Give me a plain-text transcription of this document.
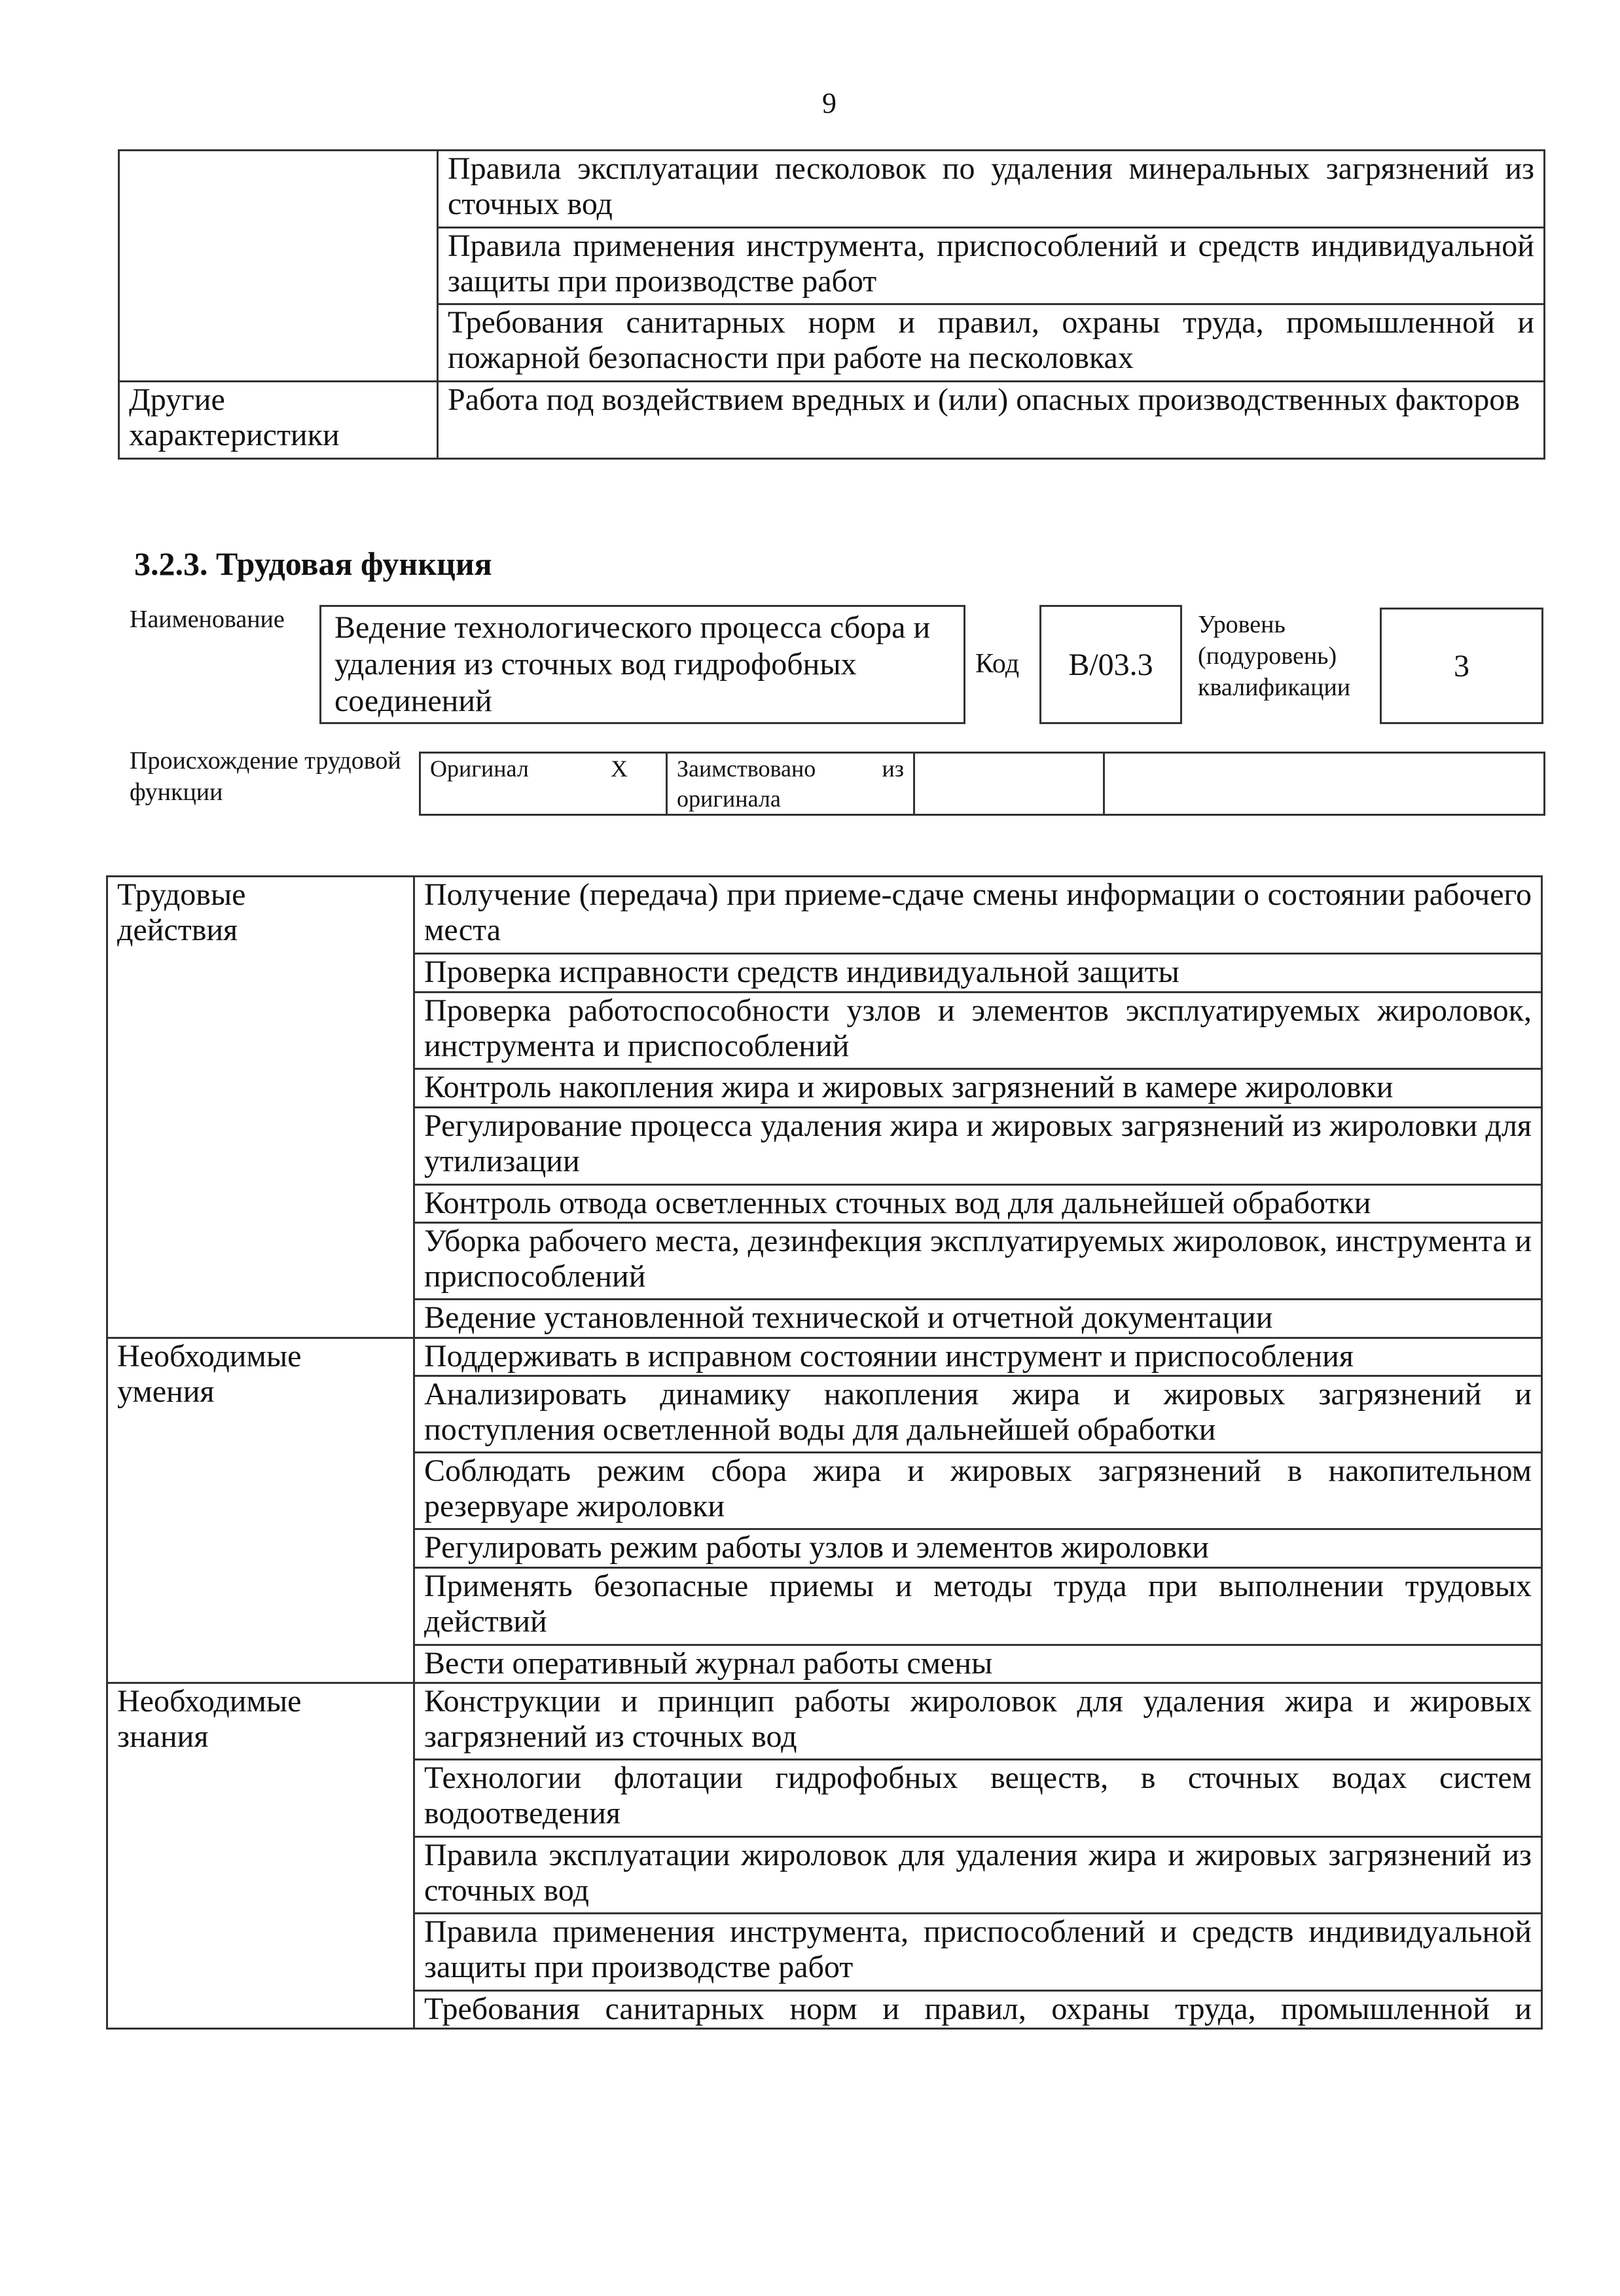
9
	Правила эксплуатации песколовок по удаления минеральных загрязнений из сточных вод
	Правила применения инструмента, приспособлений и средств индивидуальной защиты при производстве работ
	Требования санитарных норм и правил, охраны труда, промышленной и пожарной безопасности при работе на песколовках
Другие характеристики	Работа под воздействием вредных и (или) опасных производственных факторов
3.2.3. Трудовая функция
Наименование	Ведение технологического процесса сбора и удаления из сточных вод гидрофобных соединений
Код	В/03.3
Уровень (подуровень) квалификации
3
Происхождение трудовой функции
Оригинал	X	Заимствовано из оригинала		
Трудовые действия	Получение (передача) при приеме-сдаче смены информации о состоянии рабочего места
	Проверка исправности средств индивидуальной защиты
	Проверка работоспособности узлов и элементов эксплуатируемых жироловок, инструмента и приспособлений
	Контроль накопления жира и жировых загрязнений в камере жироловки
	Регулирование процесса удаления жира и жировых загрязнений из жироловки для утилизации
	Контроль отвода осветленных сточных вод для дальнейшей обработки
	Уборка рабочего места, дезинфекция эксплуатируемых жироловок, инструмента и приспособлений
	Ведение установленной технической и отчетной документации
Необходимые умения	Поддерживать в исправном состоянии инструмент и приспособления
	Анализировать динамику накопления жира и жировых загрязнений и поступления осветленной воды для дальнейшей обработки
	Соблюдать режим сбора жира и жировых загрязнений в накопительном резервуаре жироловки
	Регулировать режим работы узлов и элементов жироловки
	Применять безопасные приемы и методы труда при выполнении трудовых действий
	Вести оперативный журнал работы смены
Необходимые знания	Конструкции и принцип работы жироловок для удаления жира и жировых загрязнений из сточных вод
	Технологии флотации гидрофобных веществ, в сточных водах систем водоотведения
	Правила эксплуатации жироловок для удаления жира и жировых загрязнений из сточных вод
	Правила применения инструмента, приспособлений и средств индивидуальной защиты при производстве работ
	Требования санитарных норм и правил, охраны труда, промышленной и
